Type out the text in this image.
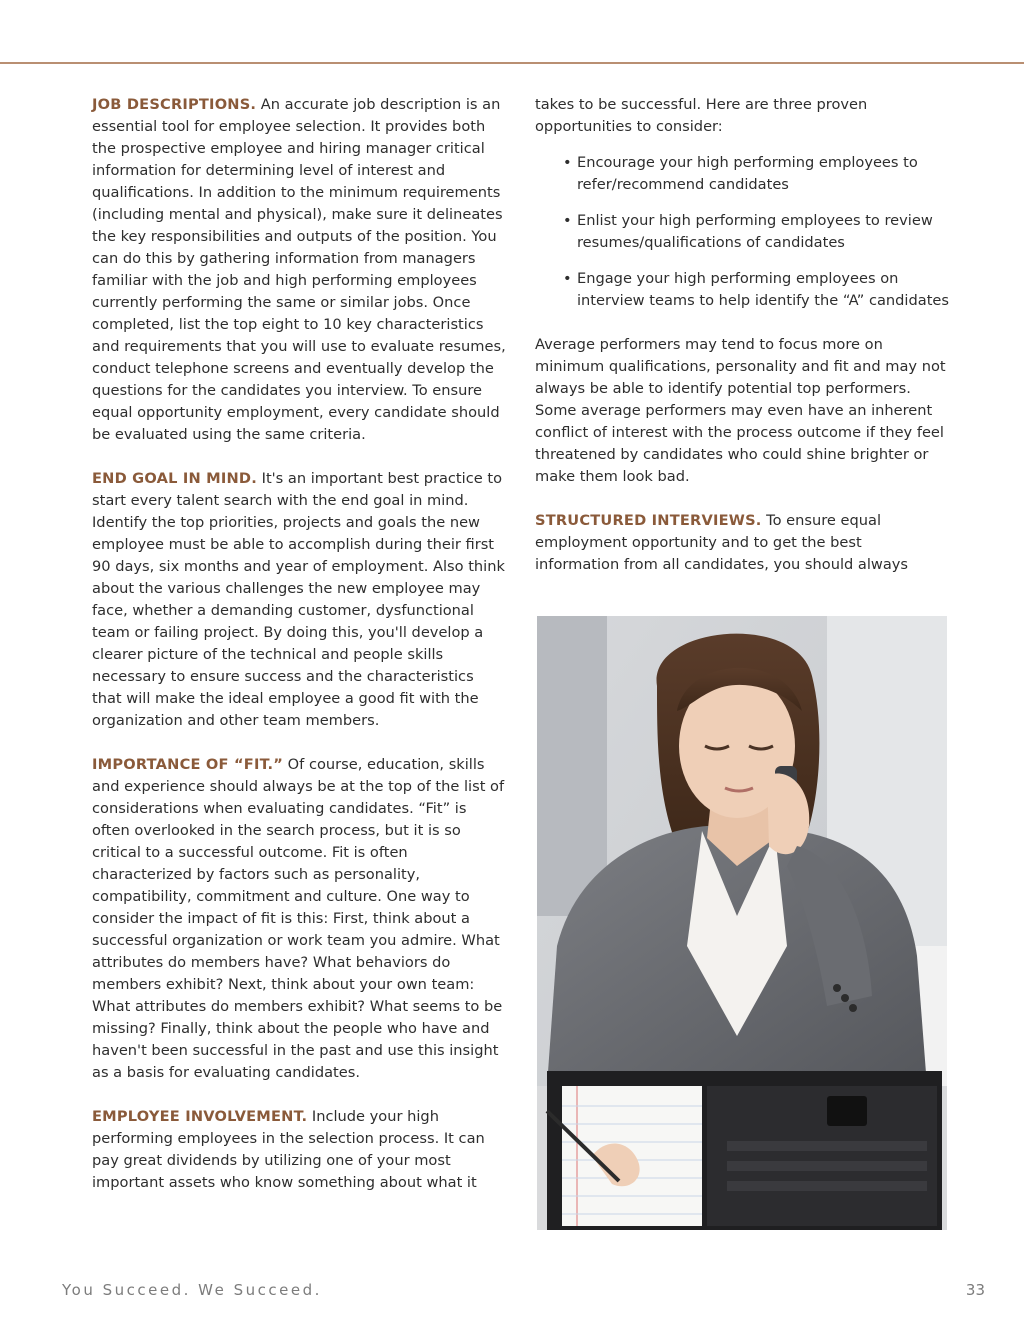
JOB DESCRIPTIONS. An accurate job description is an essential tool for employee selection. It provides both the prospective employee and hiring manager critical information for determining level of interest and qualifications. In addition to the minimum requirements (including mental and physical), make sure it delineates the key responsibilities and outputs of the position. You can do this by gathering information from managers familiar with the job and high performing employees currently performing the same or similar jobs. Once completed, list the top eight to 10 key characteristics and requirements that you will use to evaluate resumes, conduct telephone screens and eventually develop the questions for the candidates you interview. To ensure equal opportunity employment, every candidate should be evaluated using the same criteria.

END GOAL IN MIND. It's an important best practice to start every talent search with the end goal in mind. Identify the top priorities, projects and goals the new employee must be able to accomplish during their first 90 days, six months and year of employment. Also think about the various challenges the new employee may face, whether a demanding customer, dysfunctional team or failing project. By doing this, you'll develop a clearer picture of the technical and people skills necessary to ensure success and the characteristics that will make the ideal employee a good fit with the organization and other team members.

IMPORTANCE OF “FIT.” Of course, education, skills and experience should always be at the top of the list of considerations when evaluating candidates. “Fit” is often overlooked in the search process, but it is so critical to a successful outcome. Fit is often characterized by factors such as personality, compatibility, commitment and culture. One way to consider the impact of fit is this: First, think about a successful organization or work team you admire. What attributes do members have? What behaviors do members exhibit? Next, think about your own team: What attributes do members exhibit? What seems to be missing? Finally, think about the people who have and haven't been successful in the past and use this insight as a basis for evaluating candidates.

EMPLOYEE INVOLVEMENT. Include your high performing employees in the selection process. It can pay great dividends by utilizing one of your most important assets who know something about what it

takes to be successful. Here are three proven opportunities to consider:

• Encourage your high performing employees to refer/recommend candidates
• Enlist your high performing employees to review resumes/qualifications of candidates
• Engage your high performing employees on interview teams to help identify the “A” candidates

Average performers may tend to focus more on minimum qualifications, personality and fit and may not always be able to identify potential top performers. Some average performers may even have an inherent conflict of interest with the process outcome if they feel threatened by candidates who could shine brighter or make them look bad.

STRUCTURED INTERVIEWS. To ensure equal employment opportunity and to get the best information from all candidates, you should always

You Succeed. We Succeed.	33
